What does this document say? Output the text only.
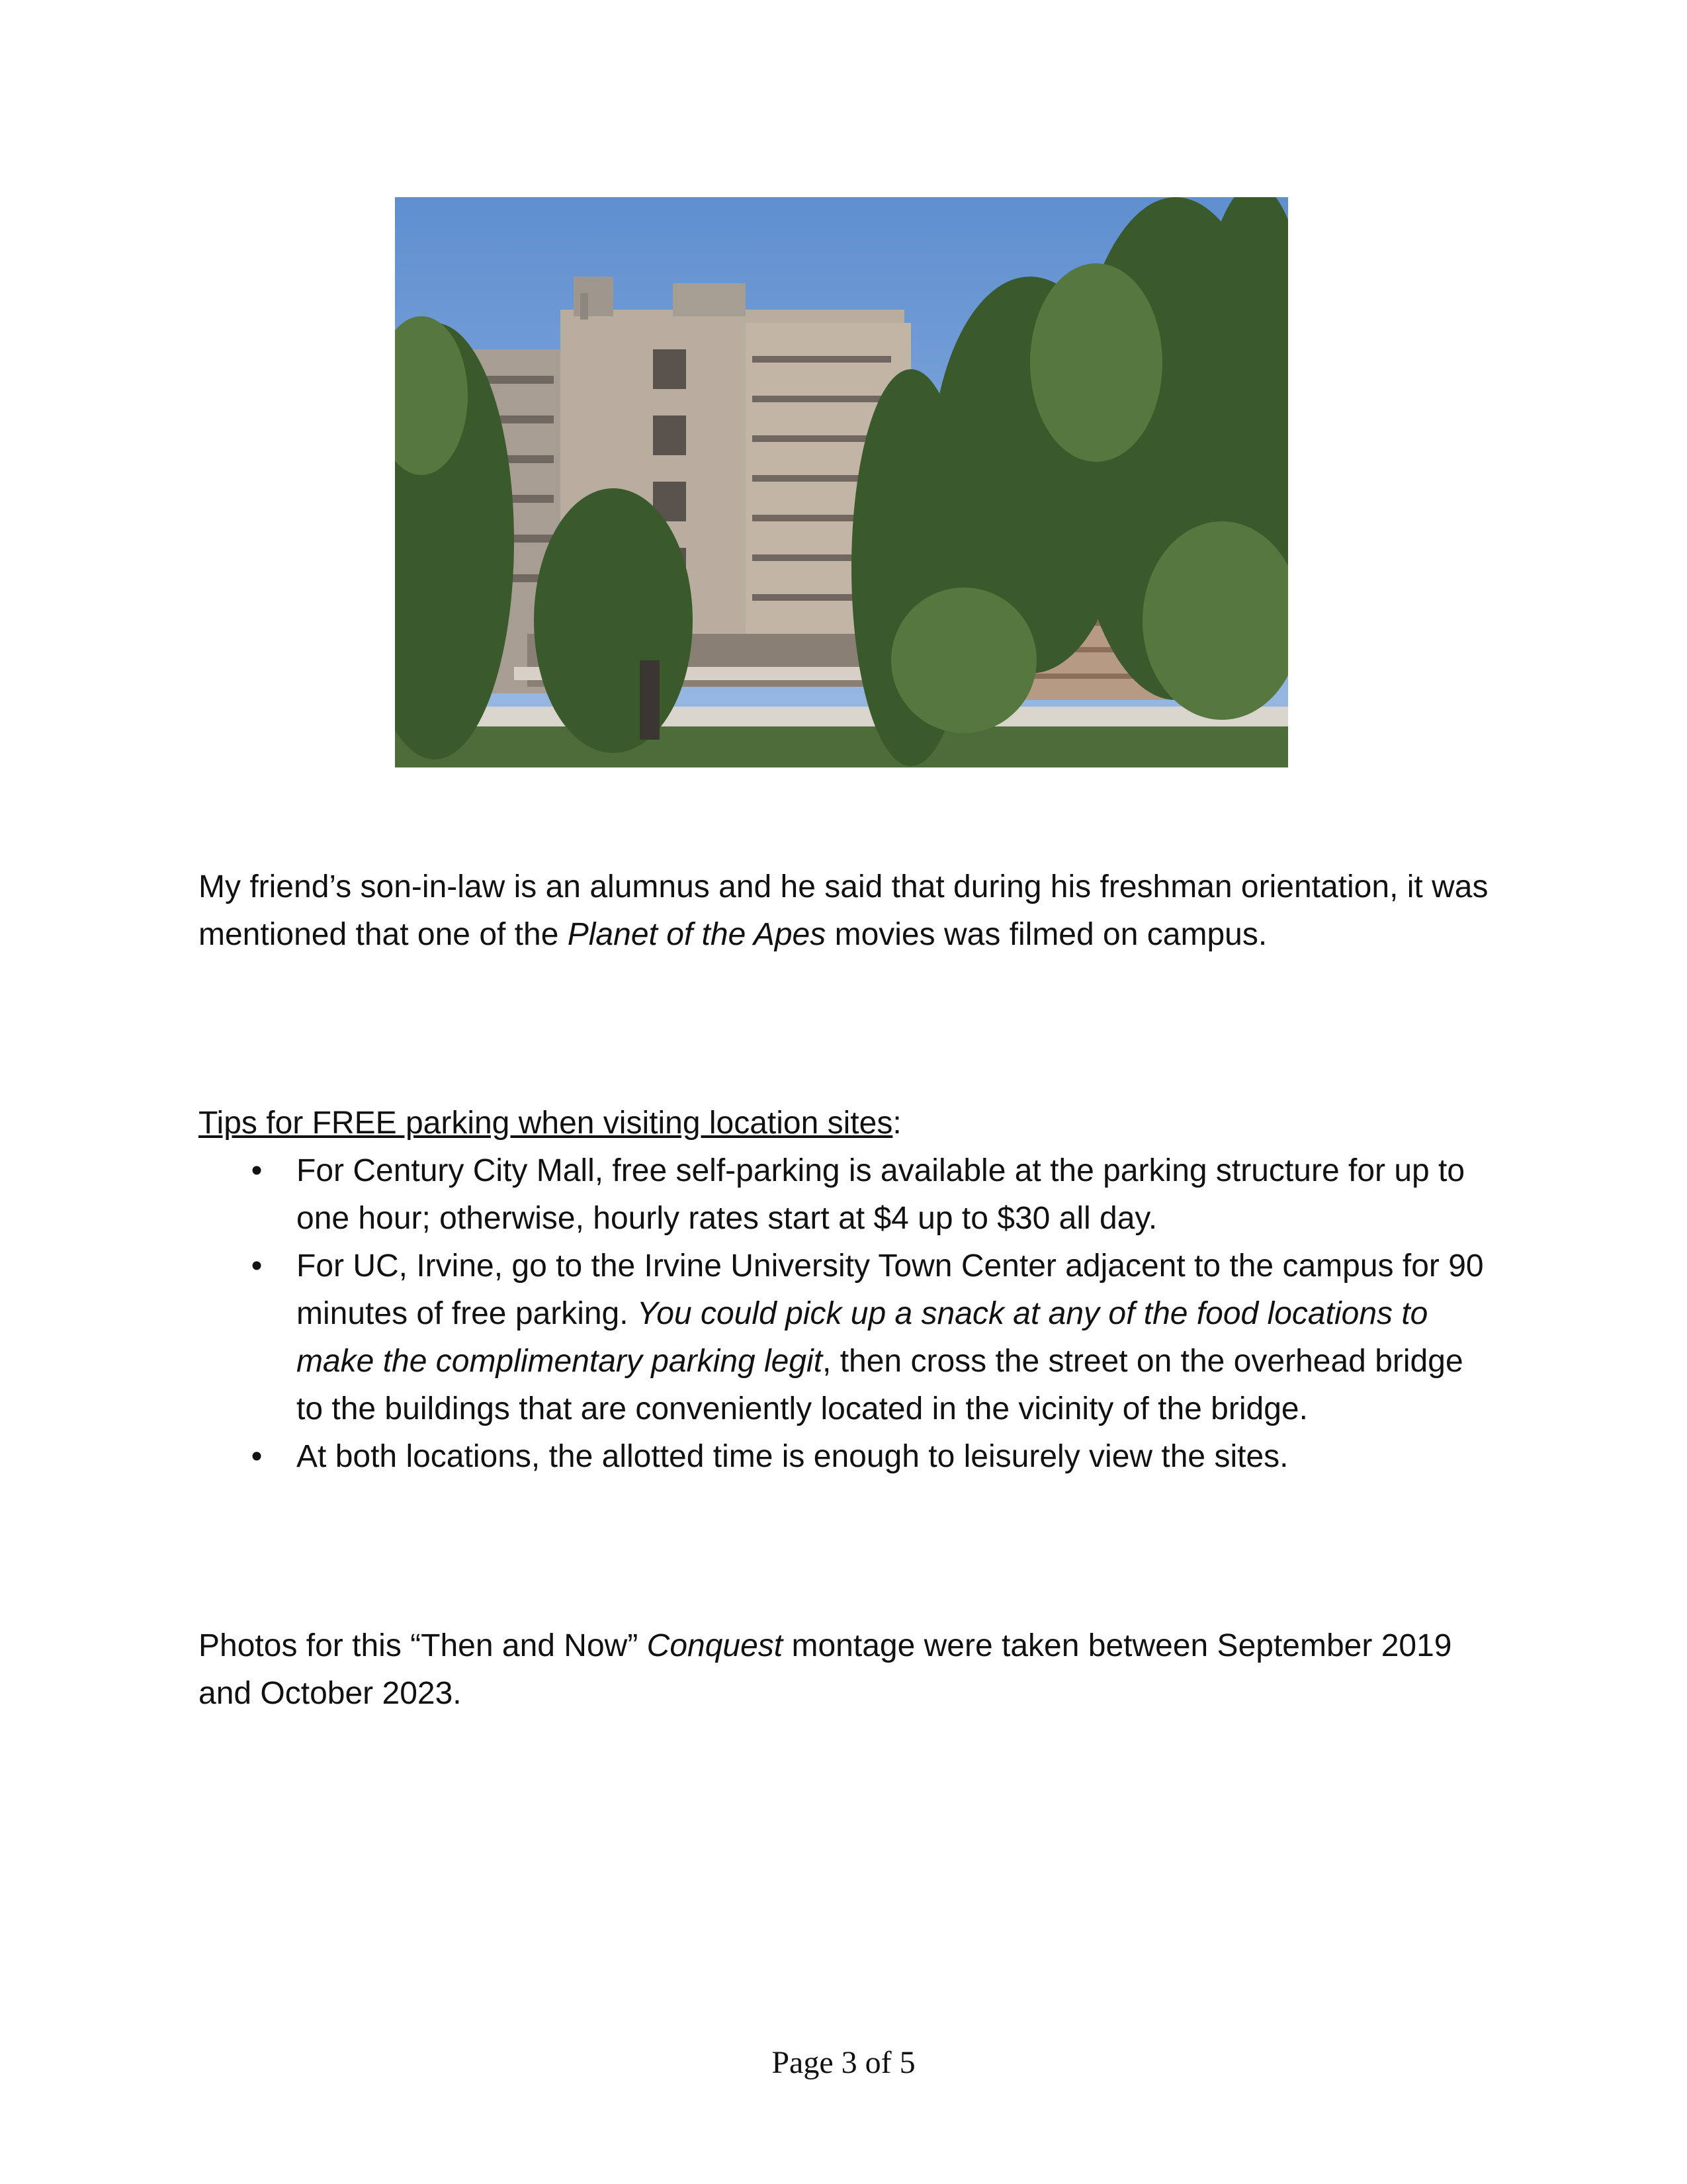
My friend’s son-in-law is an alumnus and he said that during his freshman orientation, it was mentioned that one of the Planet of the Apes movies was filmed on campus.
Tips for FREE parking when visiting location sites:
• For Century City Mall, free self-parking is available at the parking structure for up to one hour; otherwise, hourly rates start at $4 up to $30 all day.
• For UC, Irvine, go to the Irvine University Town Center adjacent to the campus for 90 minutes of free parking. You could pick up a snack at any of the food locations to make the complimentary parking legit, then cross the street on the overhead bridge to the buildings that are conveniently located in the vicinity of the bridge.
• At both locations, the allotted time is enough to leisurely view the sites.
Photos for this “Then and Now” Conquest montage were taken between September 2019 and October 2023.
Page 3 of 5
